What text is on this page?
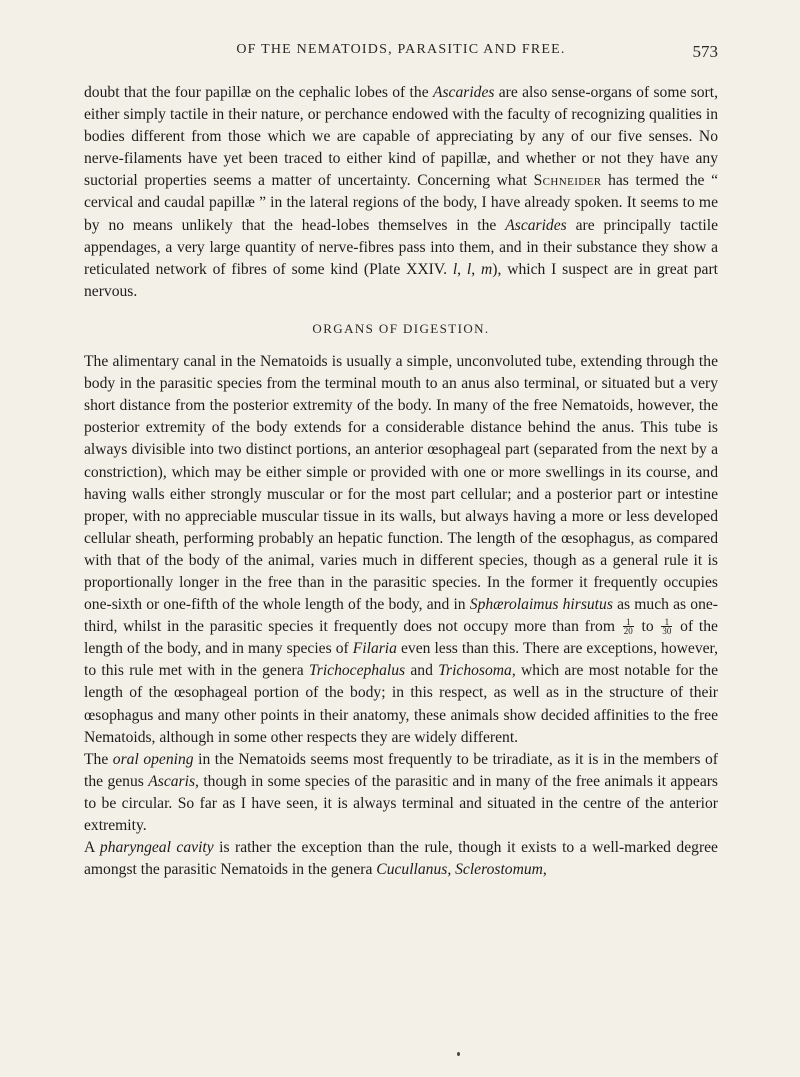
OF THE NEMATOIDS, PARASITIC AND FREE.	573

doubt that the four papillæ on the cephalic lobes of the Ascarides are also sense-organs of some sort, either simply tactile in their nature, or perchance endowed with the faculty of recognizing qualities in bodies different from those which we are capable of appreciating by any of our five senses. No nerve-filaments have yet been traced to either kind of papillæ, and whether or not they have any suctorial properties seems a matter of uncertainty. Concerning what Schneider has termed the “ cervical and caudal papillæ ” in the lateral regions of the body, I have already spoken. It seems to me by no means unlikely that the head-lobes themselves in the Ascarides are principally tactile appendages, a very large quantity of nerve-fibres pass into them, and in their substance they show a reticulated network of fibres of some kind (Plate XXIV. l, l, m), which I suspect are in great part nervous.

ORGANS OF DIGESTION.

The alimentary canal in the Nematoids is usually a simple, unconvoluted tube, extending through the body in the parasitic species from the terminal mouth to an anus also terminal, or situated but a very short distance from the posterior extremity of the body. In many of the free Nematoids, however, the posterior extremity of the body extends for a considerable distance behind the anus. This tube is always divisible into two distinct portions, an anterior œsophageal part (separated from the next by a constriction), which may be either simple or provided with one or more swellings in its course, and having walls either strongly muscular or for the most part cellular; and a posterior part or intestine proper, with no appreciable muscular tissue in its walls, but always having a more or less developed cellular sheath, performing probably an hepatic function. The length of the œsophagus, as compared with that of the body of the animal, varies much in different species, though as a general rule it is proportionally longer in the free than in the parasitic species. In the former it frequently occupies one-sixth or one-fifth of the whole length of the body, and in Sphærolaimus hirsutus as much as one-third, whilst in the parasitic species it frequently does not occupy more than from $\frac{1}{20}$ to $\frac{1}{30}$ of the length of the body, and in many species of Filaria even less than this. There are exceptions, however, to this rule met with in the genera Trichocephalus and Trichosoma, which are most notable for the length of the œsophageal portion of the body; in this respect, as well as in the structure of their œsophagus and many other points in their anatomy, these animals show decided affinities to the free Nematoids, although in some other respects they are widely different.

The oral opening in the Nematoids seems most frequently to be triradiate, as it is in the members of the genus Ascaris, though in some species of the parasitic and in many of the free animals it appears to be circular. So far as I have seen, it is always terminal and situated in the centre of the anterior extremity.

A pharyngeal cavity is rather the exception than the rule, though it exists to a well-marked degree amongst the parasitic Nematoids in the genera Cucullanus, Sclerostomum,
